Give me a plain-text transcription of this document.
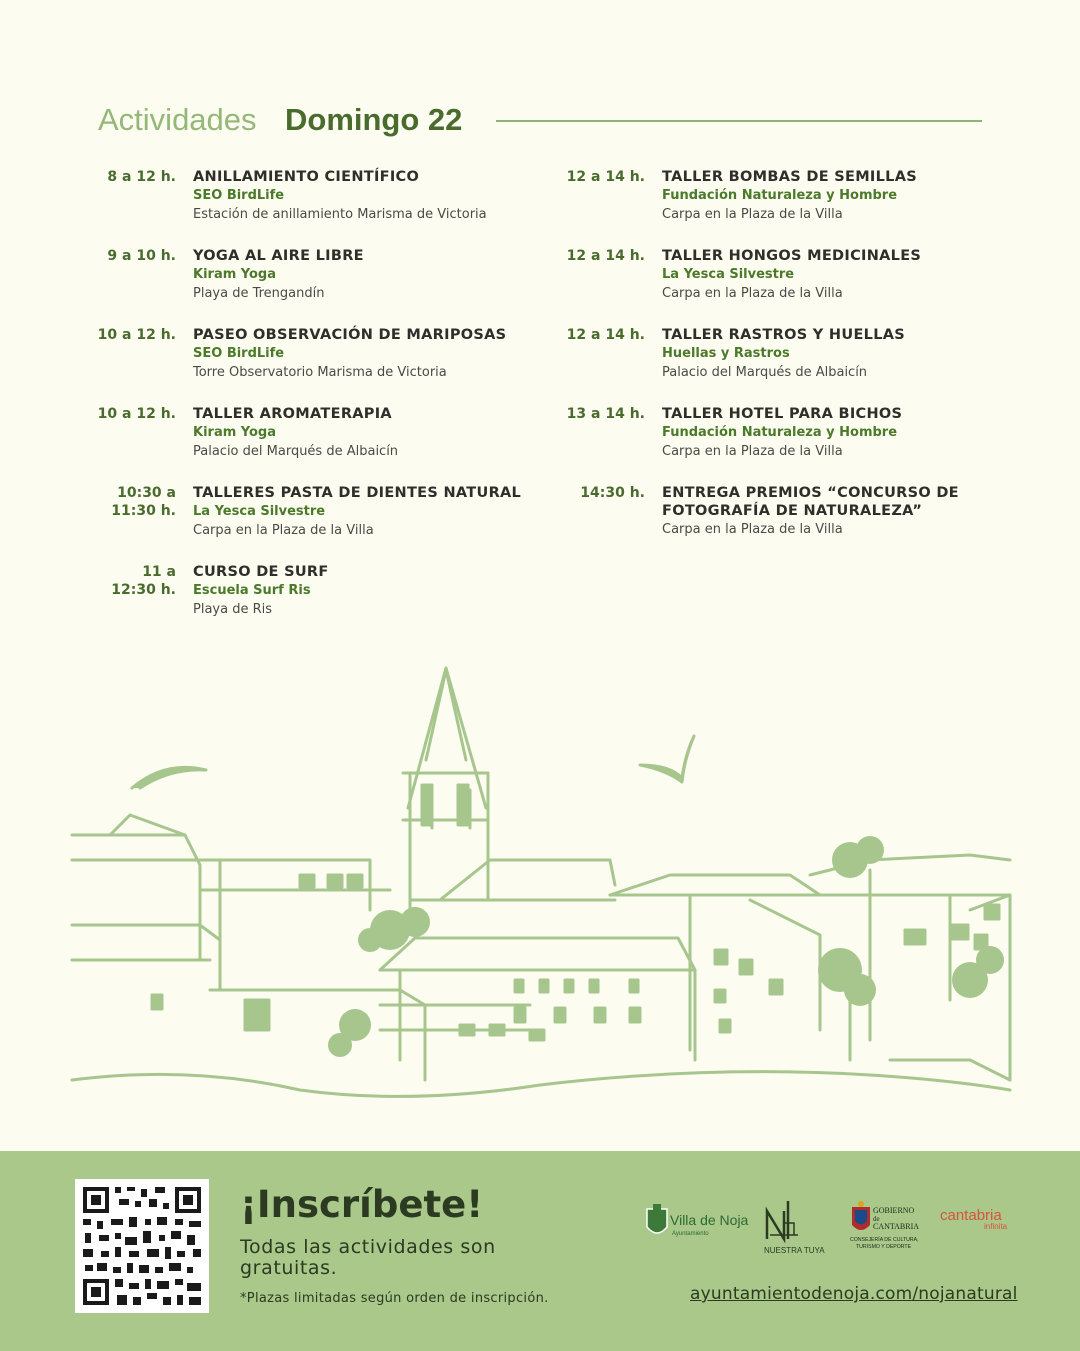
Actividades Domingo 22
8 a 12 h. ANILLAMIENTO CIENTÍFICO
SEO BirdLife
Estación de anillamiento Marisma de Victoria
9 a 10 h. YOGA AL AIRE LIBRE
Kiram Yoga
Playa de Trengandín
10 a 12 h. PASEO OBSERVACIÓN DE MARIPOSAS
SEO BirdLife
Torre Observatorio Marisma de Victoria
10 a 12 h. TALLER AROMATERAPIA
Kiram Yoga
Palacio del Marqués de Albaicín
10:30 a
11:30 h.
TALLERES PASTA DE DIENTES NATURAL
La Yesca Silvestre
Carpa en la Plaza de la Villa
11 a
12:30 h.
CURSO DE SURF
Escuela Surf Ris
Playa de Ris
12 a 14 h. TALLER BOMBAS DE SEMILLAS
Fundación Naturaleza y Hombre
Carpa en la Plaza de la Villa
12 a 14 h. TALLER HONGOS MEDICINALES
La Yesca Silvestre
Carpa en la Plaza de la Villa
12 a 14 h. TALLER RASTROS Y HUELLAS
Huellas y Rastros
Palacio del Marqués de Albaicín
13 a 14 h. TALLER HOTEL PARA BICHOS
Fundación Naturaleza y Hombre
Carpa en la Plaza de la Villa
14:30 h. ENTREGA PREMIOS “CONCURSO DE
FOTOGRAFÍA DE NATURALEZA”
Carpa en la Plaza de la Villa
¡Inscríbete!
Todas las actividades son gratuitas.
*Plazas limitadas según orden de inscripción.
Villa de Noja
Ayuntamiento
NUESTRA TUYA
GOBIERNO
de
CANTABRIA
CONSEJERÍA DE CULTURA,
TURISMO Y DEPORTE
cantabria
infinita
ayuntamientodenoja.com/nojanatural
